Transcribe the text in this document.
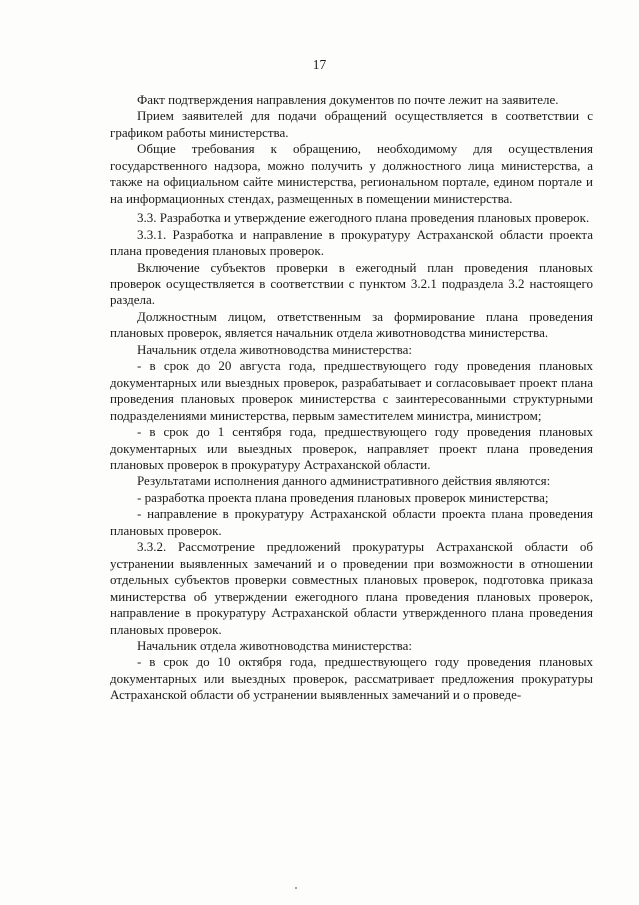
17

Факт подтверждения направления документов по почте лежит на заявителе.

Прием заявителей для подачи обращений осуществляется в соответствии с графиком работы министерства.

Общие требования к обращению, необходимому для осуществления государственного надзора, можно получить у должностного лица министерства, а также на официальном сайте министерства, региональном портале, едином портале и на информационных стендах, размещенных в помещении министерства.

3.3. Разработка и утверждение ежегодного плана проведения плановых проверок.

3.3.1. Разработка и направление в прокуратуру Астраханской области проекта плана проведения плановых проверок.

Включение субъектов проверки в ежегодный план проведения плановых проверок осуществляется в соответствии с пунктом 3.2.1 подраздела 3.2 настоящего раздела.

Должностным лицом, ответственным за формирование плана проведения плановых проверок, является начальник отдела животноводства министерства.

Начальник отдела животноводства министерства:

- в срок до 20 августа года, предшествующего году проведения плановых документарных или выездных проверок, разрабатывает и согласовывает проект плана проведения плановых проверок министерства с заинтересованными структурными подразделениями министерства, первым заместителем министра, министром;

- в срок до 1 сентября года, предшествующего году проведения плановых документарных или выездных проверок, направляет проект плана проведения плановых проверок в прокуратуру Астраханской области.

Результатами исполнения данного административного действия являются:

- разработка проекта плана проведения плановых проверок министерства;

- направление в прокуратуру Астраханской области проекта плана проведения плановых проверок.

3.3.2. Рассмотрение предложений прокуратуры Астраханской области об устранении выявленных замечаний и о проведении при возможности в отношении отдельных субъектов проверки совместных плановых проверок, подготовка приказа министерства об утверждении ежегодного плана проведения плановых проверок, направление в прокуратуру Астраханской области утвержденного плана проведения плановых проверок.

Начальник отдела животноводства министерства:

- в срок до 10 октября года, предшествующего году проведения плановых документарных или выездных проверок, рассматривает предложения прокуратуры Астраханской области об устранении выявленных замечаний и о проведе-
